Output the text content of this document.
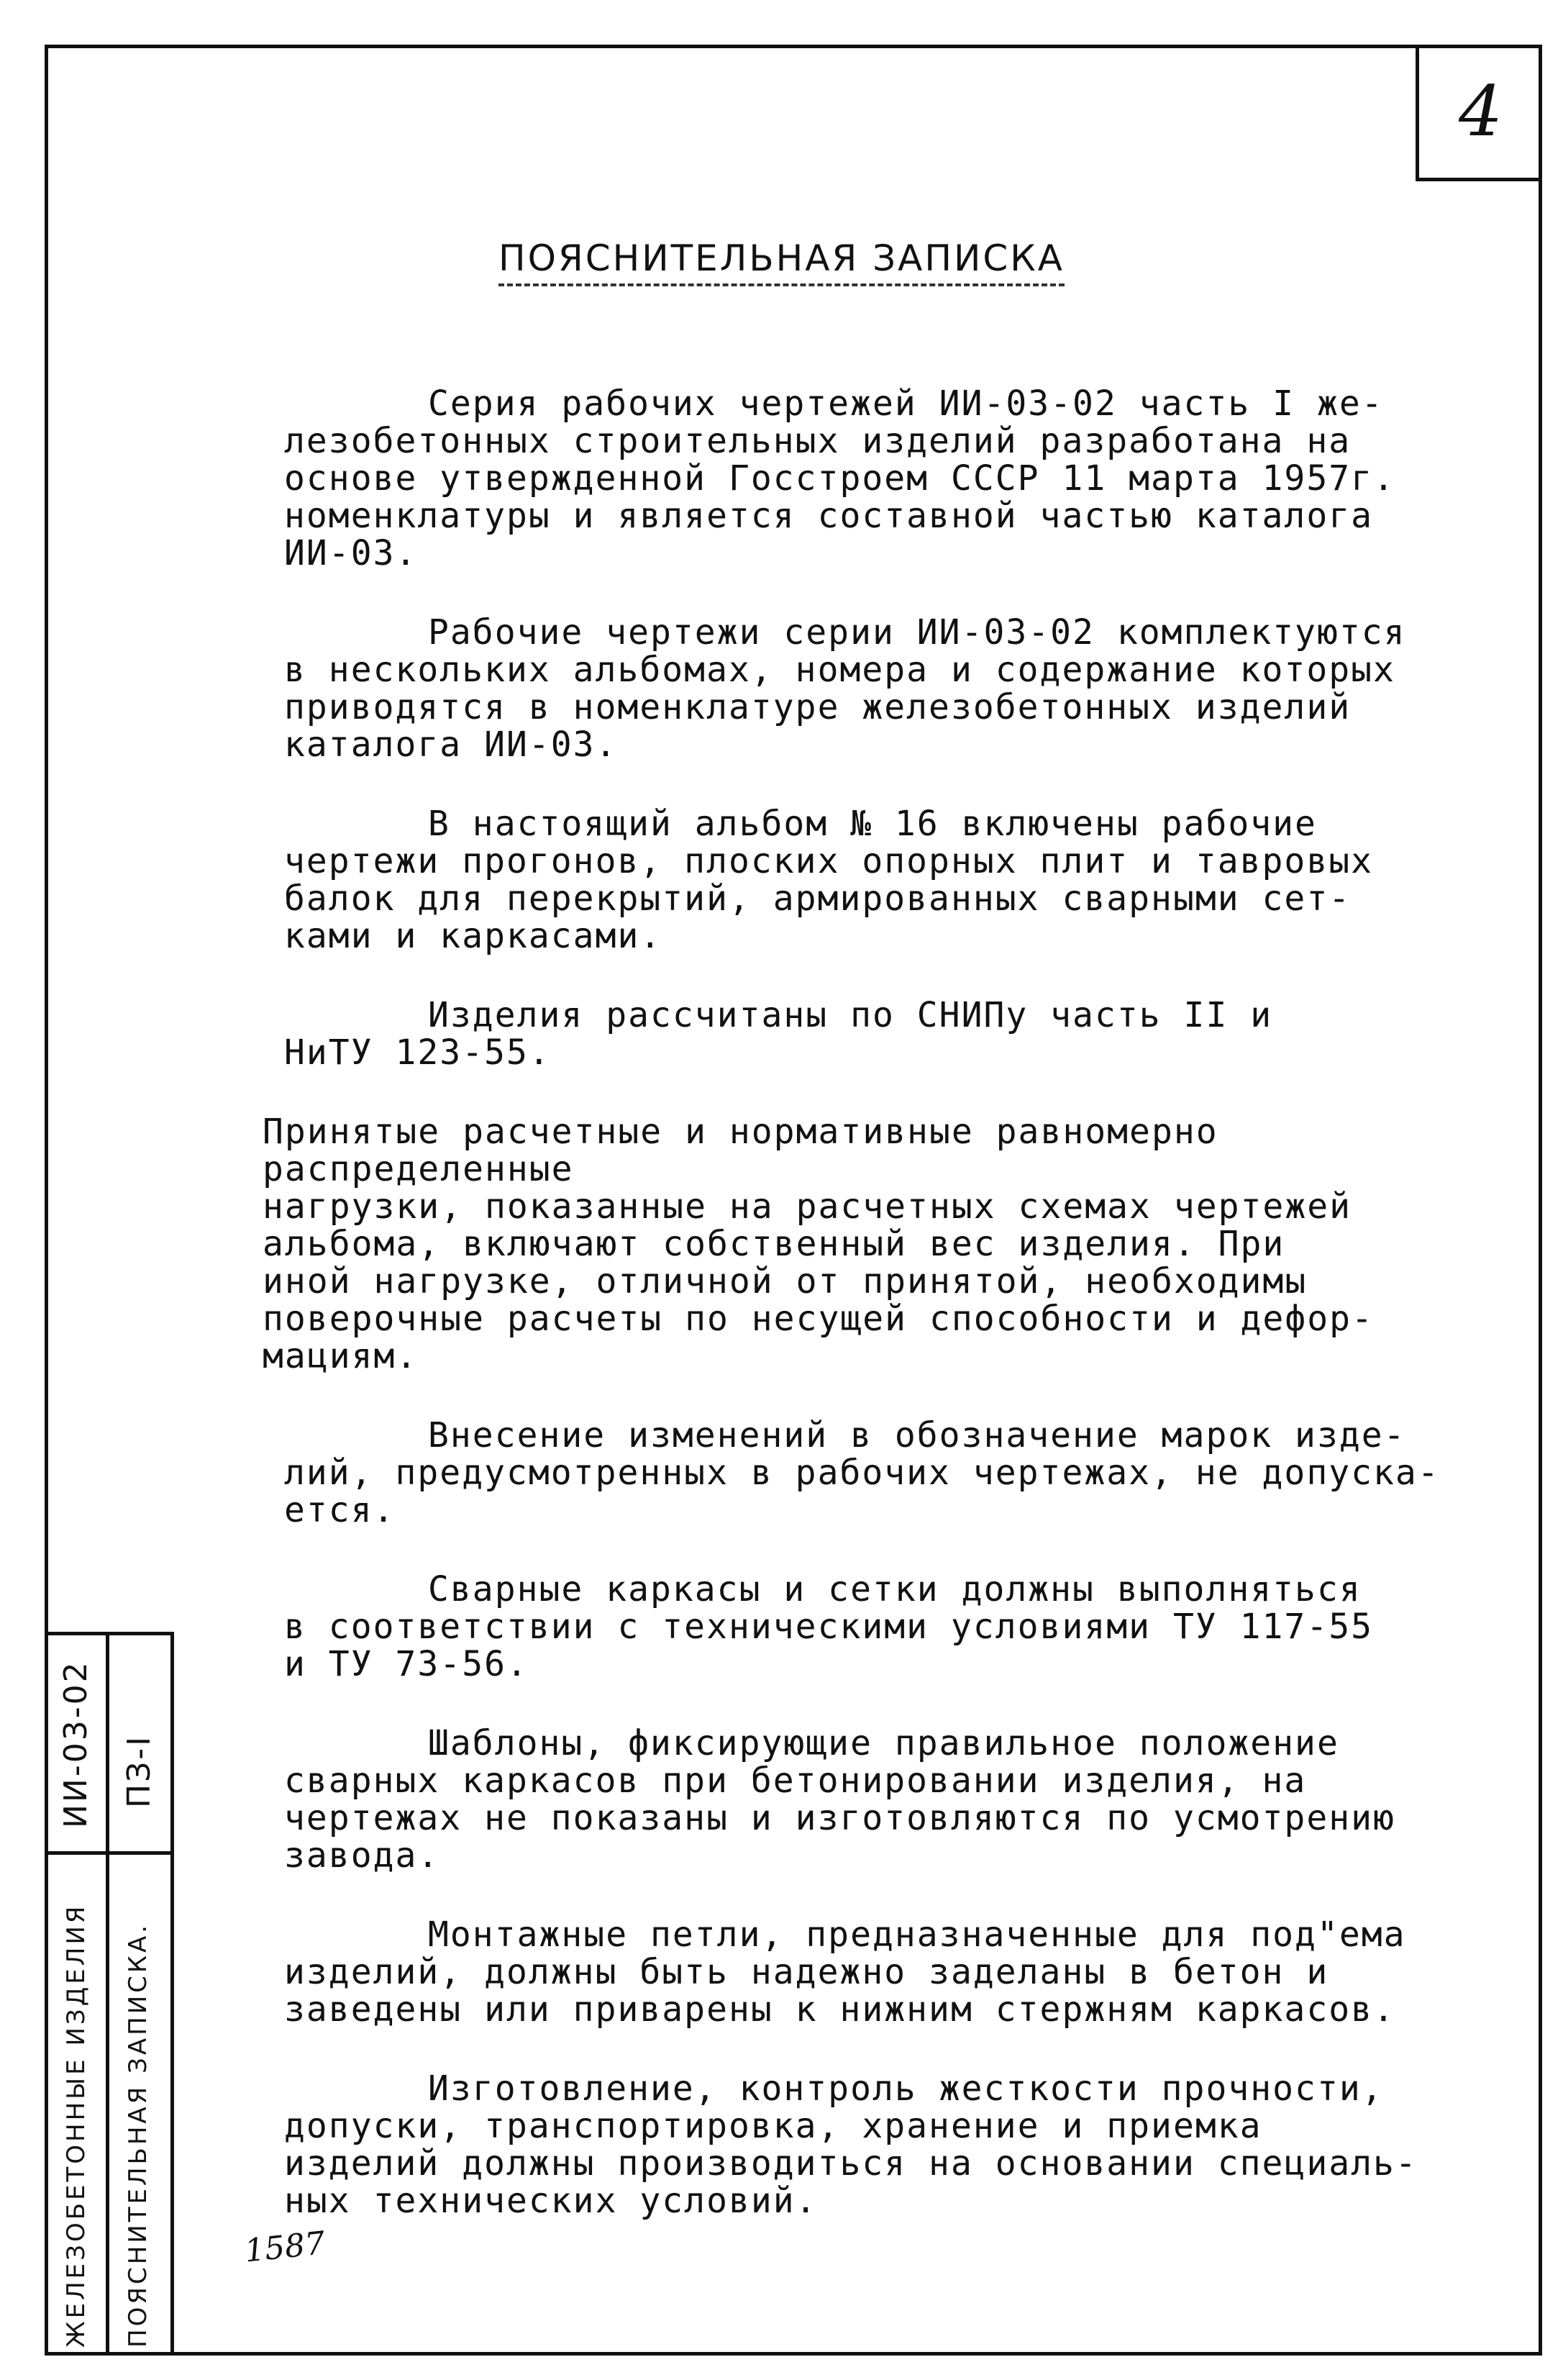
4
ПОЯСНИТЕЛЬНАЯ ЗАПИСКА

Серия рабочих чертежей ИИ-03-02 часть I же-
лезобетонных строительных изделий разработана на
основе утвержденной Госстроем СССР 11 марта 1957г.
номенклатуры и является составной частью каталога
ИИ-03.

Рабочие чертежи серии ИИ-03-02 комплектуются
в нескольких альбомах, номера и содержание которых
приводятся в номенклатуре железобетонных изделий
каталога ИИ-03.

В настоящий альбом № 16 включены рабочие
чертежи прогонов, плоских опорных плит и тавровых
балок для перекрытий, армированных сварными сет-
ками и каркасами.

Изделия рассчитаны по СНИПу часть II и
НиТУ 123-55.

Принятые расчетные и нормативные равномерно распределенные
нагрузки, показанные на расчетных схемах чертежей
альбома, включают собственный вес изделия. При
иной нагрузке, отличной от принятой, необходимы
поверочные расчеты по несущей способности и дефор-
мациям.

Внесение изменений в обозначение марок изде-
лий, предусмотренных в рабочих чертежах, не допуска-
ется.

Сварные каркасы и сетки должны выполняться
в соответствии с техническими условиями ТУ 117-55
и ТУ 73-56.

Шаблоны, фиксирующие правильное положение
сварных каркасов при бетонировании изделия, на
чертежах не показаны и изготовляются по усмотрению
завода.

Монтажные петли, предназначенные для под"ема
изделий, должны быть надежно заделаны в бетон и
заведены или приварены к нижним стержням каркасов.

Изготовление, контроль жесткости прочности,
допуски, транспортировка, хранение и приемка
изделий должны производиться на основании специаль-
ных технических условий.

ИИ-03-02 ПЗ-I
ЖЕЛЕЗОБЕТОННЫЕ ИЗДЕЛИЯ ПОЯСНИТЕЛЬНАЯ ЗАПИСКА.	1587
